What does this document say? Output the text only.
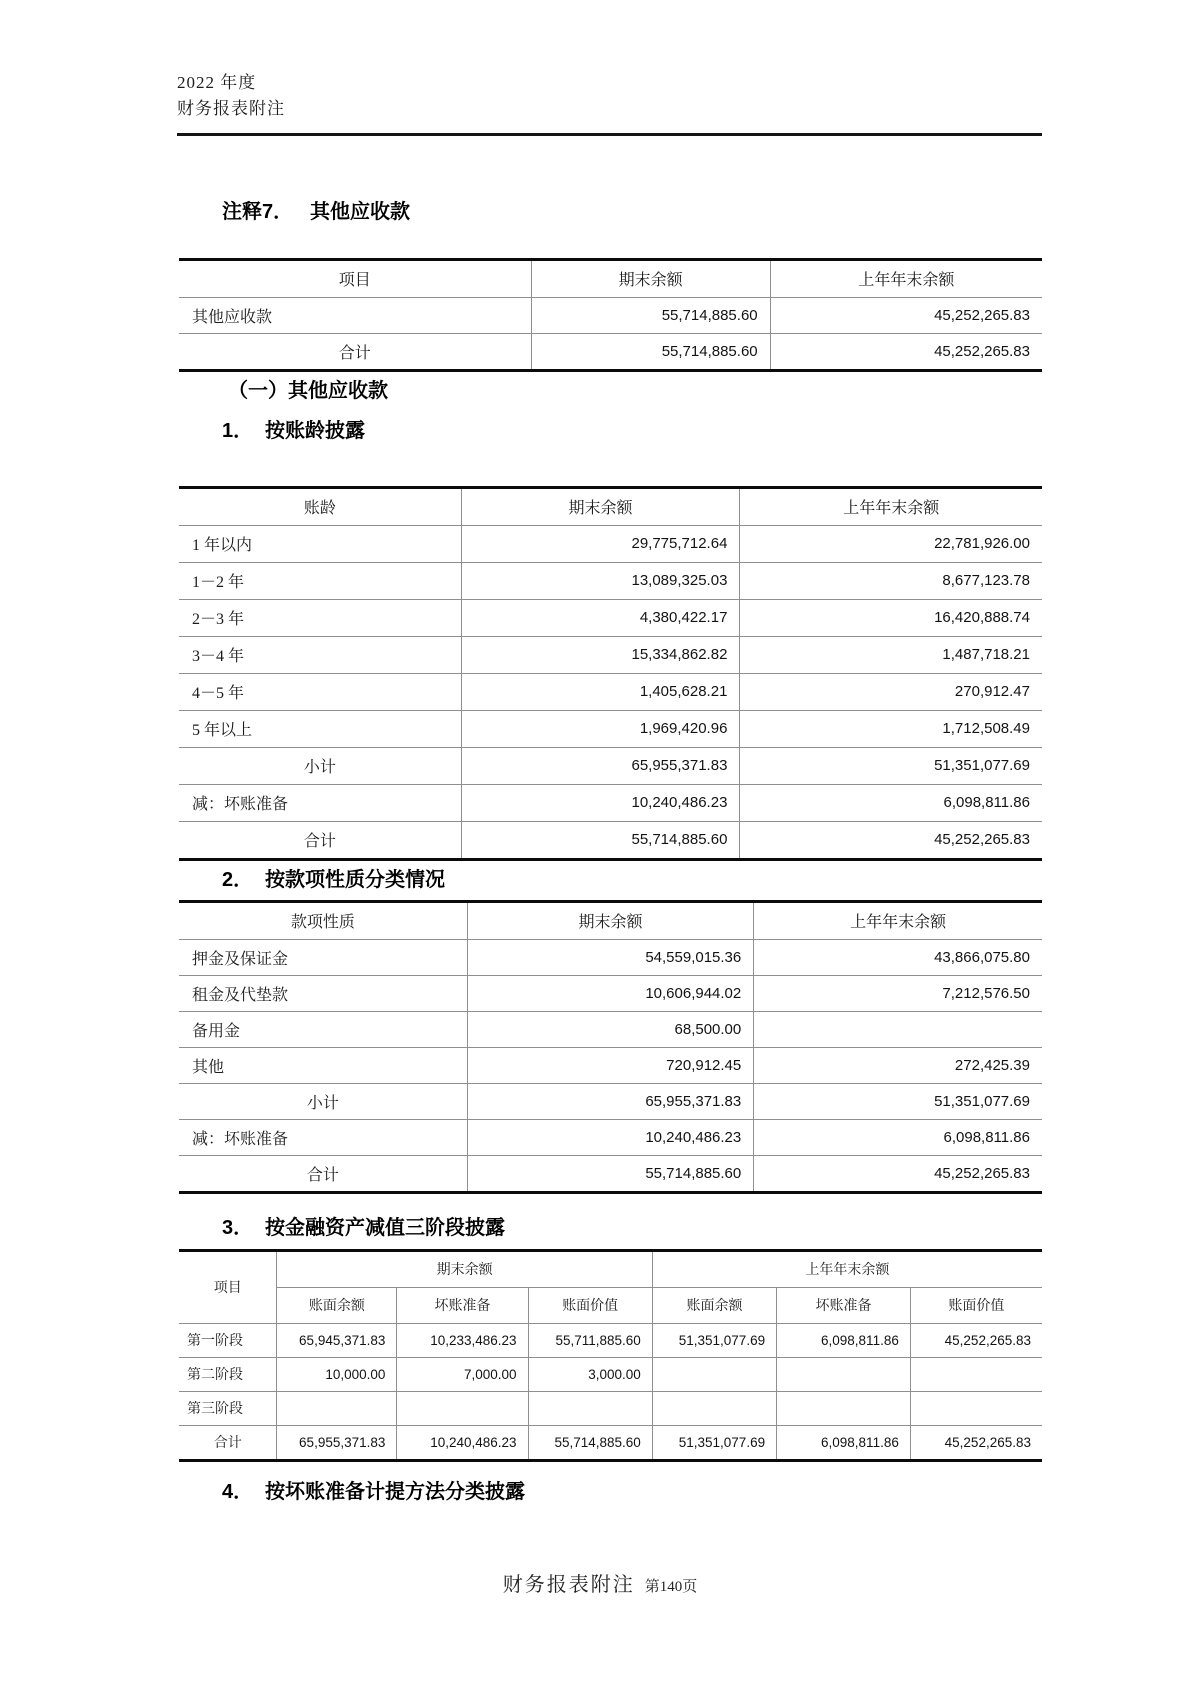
2022 年度
财务报表附注
注释7． 其他应收款
项目	期末余额	上年年末余额
其他应收款	55,714,885.60	45,252,265.83
合计	55,714,885.60	45,252,265.83
（一）其他应收款
1． 按账龄披露
账龄	期末余额	上年年末余额
1 年以内	29,775,712.64	22,781,926.00
1－2 年	13,089,325.03	8,677,123.78
2－3 年	4,380,422.17	16,420,888.74
3－4 年	15,334,862.82	1,487,718.21
4－5 年	1,405,628.21	270,912.47
5 年以上	1,969,420.96	1,712,508.49
小计	65,955,371.83	51,351,077.69
减：坏账准备	10,240,486.23	6,098,811.86
合计	55,714,885.60	45,252,265.83
2． 按款项性质分类情况
款项性质	期末余额	上年年末余额
押金及保证金	54,559,015.36	43,866,075.80
租金及代垫款	10,606,944.02	7,212,576.50
备用金	68,500.00	
其他	720,912.45	272,425.39
小计	65,955,371.83	51,351,077.69
减：坏账准备	10,240,486.23	6,098,811.86
合计	55,714,885.60	45,252,265.83
3． 按金融资产减值三阶段披露
项目	期末余额			上年年末余额		
	账面余额	坏账准备	账面价值	账面余额	坏账准备	账面价值
第一阶段	65,945,371.83	10,233,486.23	55,711,885.60	51,351,077.69	6,098,811.86	45,252,265.83
第二阶段	10,000.00	7,000.00	3,000.00			
第三阶段						
合计	65,955,371.83	10,240,486.23	55,714,885.60	51,351,077.69	6,098,811.86	45,252,265.83
4． 按坏账准备计提方法分类披露
财务报表附注 第140页
